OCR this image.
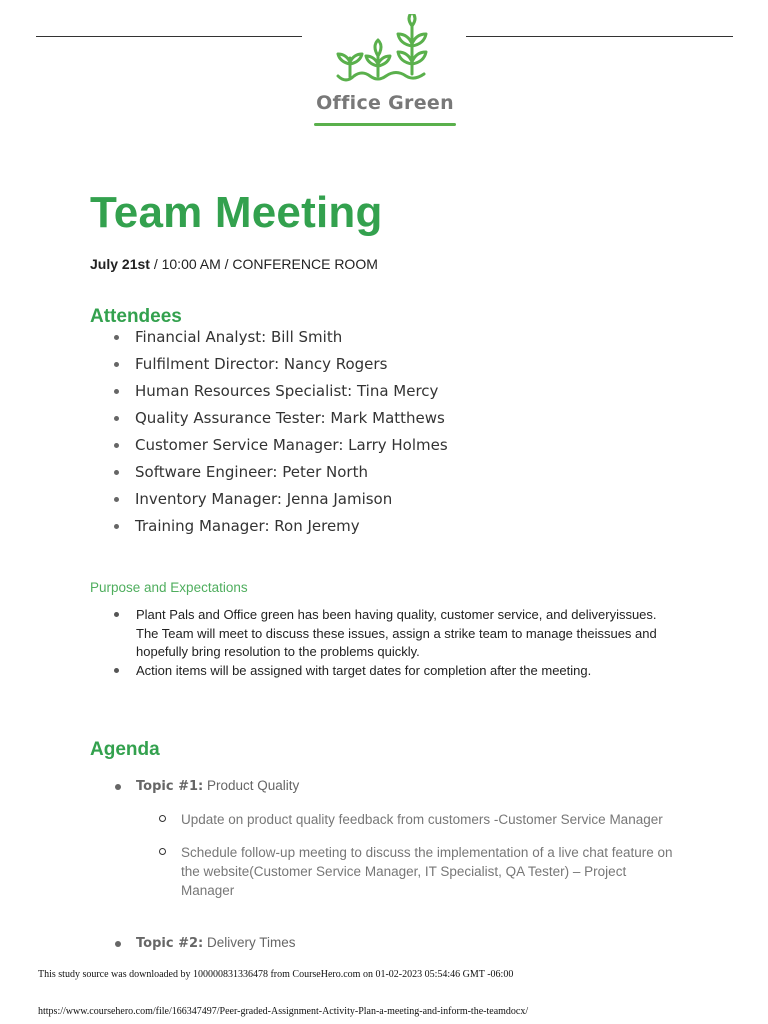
Office Green
Team Meeting
July 21st / 10:00 AM / CONFERENCE ROOM
Attendees
Financial Analyst: Bill Smith
Fulfilment Director: Nancy Rogers
Human Resources Specialist: Tina Mercy
Quality Assurance Tester: Mark Matthews
Customer Service Manager: Larry Holmes
Software Engineer: Peter North
Inventory Manager: Jenna Jamison
Training Manager: Ron Jeremy
Purpose and Expectations
Plant Pals and Office green has been having quality, customer service, and deliveryissues. The Team will meet to discuss these issues, assign a strike team to manage theissues and hopefully bring resolution to the problems quickly.
Action items will be assigned with target dates for completion after the meeting.
Agenda
Topic #1: Product Quality
Update on product quality feedback from customers -Customer Service Manager
Schedule follow-up meeting to discuss the implementation of a live chat feature on the website(Customer Service Manager, IT Specialist, QA Tester) – Project Manager
Topic #2: Delivery Times
This study source was downloaded by 100000831336478 from CourseHero.com on 01-02-2023 05:54:46 GMT -06:00
https://www.coursehero.com/file/166347497/Peer-graded-Assignment-Activity-Plan-a-meeting-and-inform-the-teamdocx/
